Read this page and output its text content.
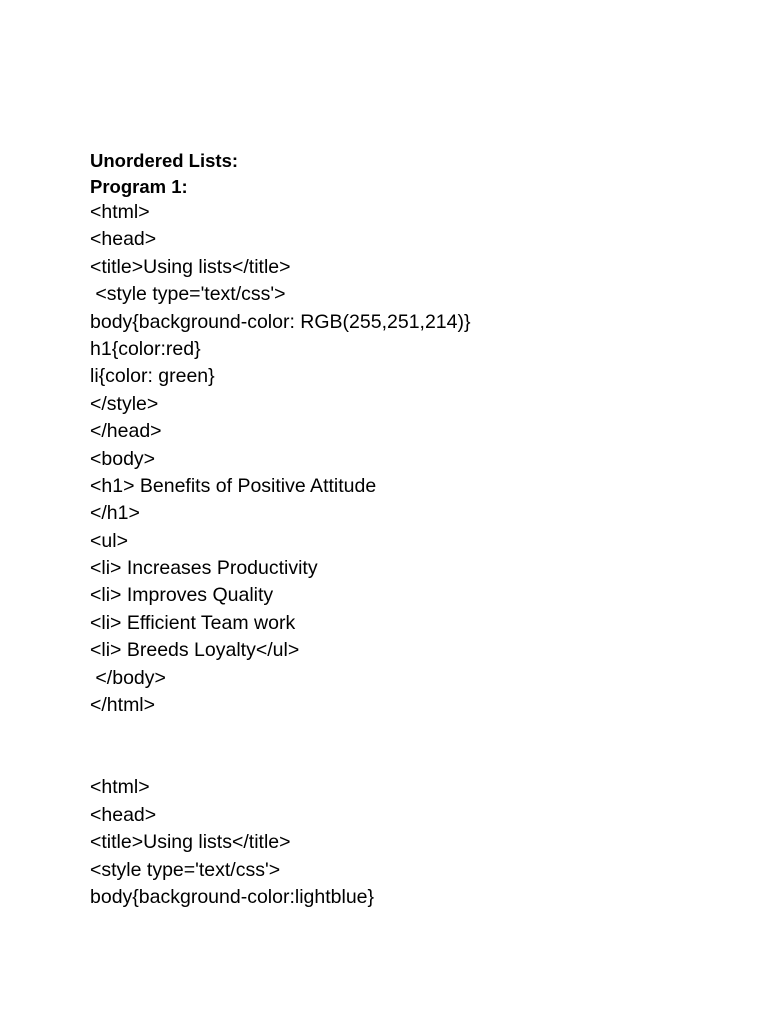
Unordered Lists:
Program 1:
<html>
<head>
<title>Using lists</title>
<style type='text/css'>
body{background-color: RGB(255,251,214)}
h1{color:red}
li{color: green}
</style>
</head>
<body>
<h1> Benefits of Positive Attitude
</h1>
<ul>
<li> Increases Productivity
<li> Improves Quality
<li> Efficient Team work
<li> Breeds Loyalty</ul>
</body>
</html>
<html>
<head>
<title>Using lists</title>
<style type='text/css'>
body{background-color:lightblue}
